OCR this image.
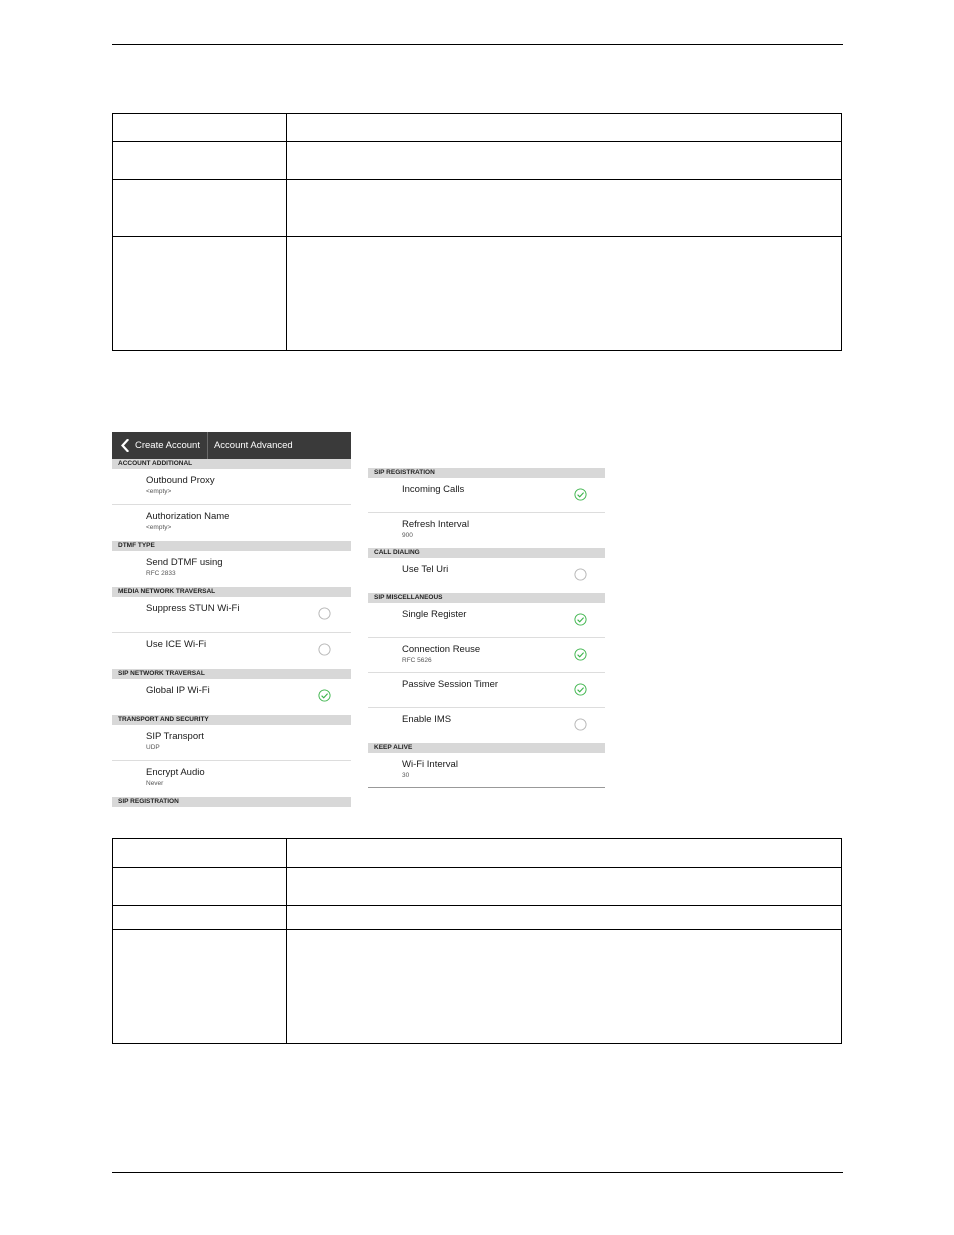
Create Account	Account Advanced
ACCOUNT ADDITIONAL
Outbound Proxy
<empty>
Authorization Name
<empty>
DTMF TYPE
Send DTMF using
RFC 2833
MEDIA NETWORK TRAVERSAL
Suppress STUN Wi-Fi
Use ICE Wi-Fi
SIP NETWORK TRAVERSAL
Global IP Wi-Fi
TRANSPORT AND SECURITY
SIP Transport
UDP
Encrypt Audio
Never
SIP REGISTRATION
SIP REGISTRATION
Incoming Calls
Refresh Interval
900
CALL DIALING
Use Tel Uri
SIP MISCELLANEOUS
Single Register
Connection Reuse
RFC 5626
Passive Session Timer
Enable IMS
KEEP ALIVE
Wi-Fi Interval
30
